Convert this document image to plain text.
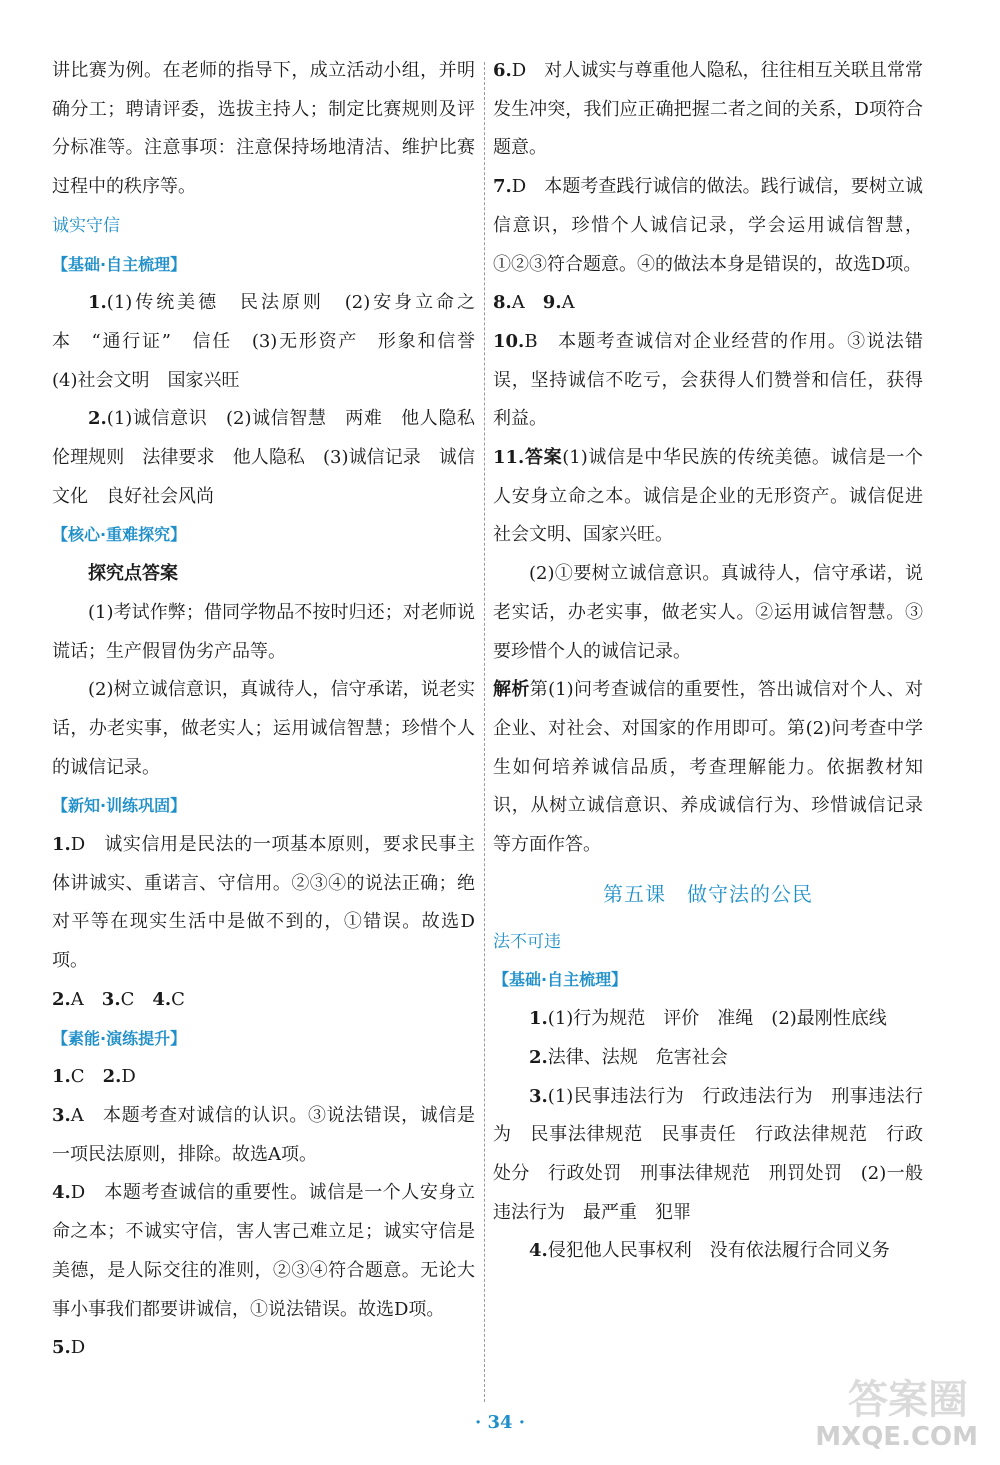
讲比赛为例。在老师的指导下，成立活动小组，并明确分工；聘请评委，选拔主持人；制定比赛规则及评分标准等。注意事项：注意保持场地清洁、维护比赛过程中的秩序等。

诚实守信

【基础·自主梳理】

1.(1)传统美德　民法原则　(2)安身立命之本　“通行证”　信任　(3)无形资产　形象和信誉　(4)社会文明　国家兴旺

2.(1)诚信意识　(2)诚信智慧　两难　他人隐私　伦理规则　法律要求　他人隐私　(3)诚信记录　诚信文化　良好社会风尚

【核心·重难探究】

探究点答案

(1)考试作弊；借同学物品不按时归还；对老师说谎话；生产假冒伪劣产品等。

(2)树立诚信意识，真诚待人，信守承诺，说老实话，办老实事，做老实人；运用诚信智慧；珍惜个人的诚信记录。

【新知·训练巩固】

1.D　诚实信用是民法的一项基本原则，要求民事主体讲诚实、重诺言、守信用。②③④的说法正确；绝对平等在现实生活中是做不到的，①错误。故选D项。

2.A　3.C　4.C

【素能·演练提升】

1.C　2.D

3.A　本题考查对诚信的认识。③说法错误，诚信是一项民法原则，排除。故选A项。

4.D　本题考查诚信的重要性。诚信是一个人安身立命之本；不诚实守信，害人害己难立足；诚实守信是美德，是人际交往的准则，②③④符合题意。无论大事小事我们都要讲诚信，①说法错误。故选D项。

5.D

6.D　对人诚实与尊重他人隐私，往往相互关联且常常发生冲突，我们应正确把握二者之间的关系，D项符合题意。

7.D　本题考查践行诚信的做法。践行诚信，要树立诚信意识，珍惜个人诚信记录，学会运用诚信智慧，①②③符合题意。④的做法本身是错误的，故选D项。

8.A　9.A

10.B　本题考查诚信对企业经营的作用。③说法错误，坚持诚信不吃亏，会获得人们赞誉和信任，获得利益。

11.答案(1)诚信是中华民族的传统美德。诚信是一个人安身立命之本。诚信是企业的无形资产。诚信促进社会文明、国家兴旺。

(2)①要树立诚信意识。真诚待人，信守承诺，说老实话，办老实事，做老实人。②运用诚信智慧。③要珍惜个人的诚信记录。

解析第(1)问考查诚信的重要性，答出诚信对个人、对企业、对社会、对国家的作用即可。第(2)问考查中学生如何培养诚信品质，考查理解能力。依据教材知识，从树立诚信意识、养成诚信行为、珍惜诚信记录等方面作答。

第五课　做守法的公民

法不可违

【基础·自主梳理】

1.(1)行为规范　评价　准绳　(2)最刚性底线

2.法律、法规　危害社会

3.(1)民事违法行为　行政违法行为　刑事违法行为　民事法律规范　民事责任　行政法律规范　行政处分　行政处罚　刑事法律规范　刑罚处罚　(2)一般违法行为　最严重　犯罪

4.侵犯他人民事权利　没有依法履行合同义务

· 34 ·	答案圈
MXQE.COM
